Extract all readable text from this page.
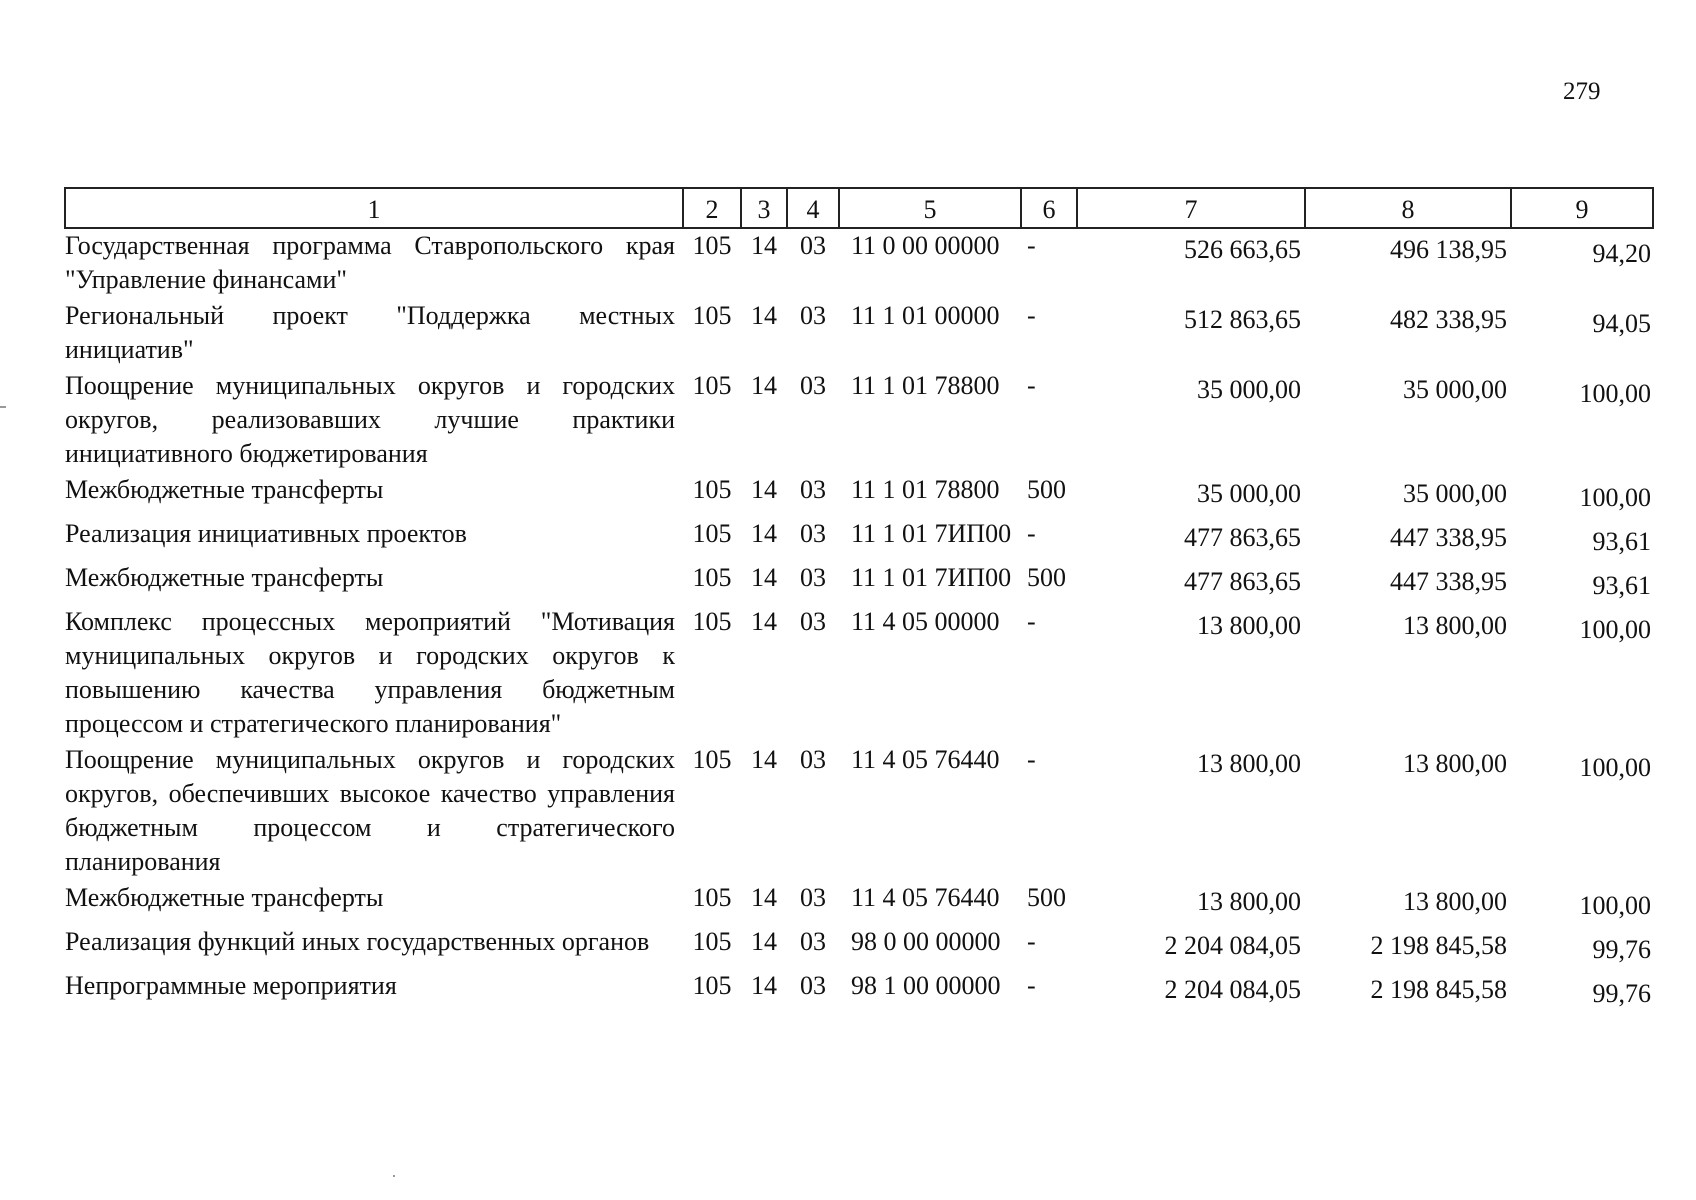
279
1	2	3	4	5	6	7	8	9
Государственная программа Ставропольского края "Управление финансами"	105	14	03	11 0 00 00000	-	526 663,65	496 138,95	94,20
Региональный проект "Поддержка местных инициатив"	105	14	03	11 1 01 00000	-	512 863,65	482 338,95	94,05
Поощрение муниципальных округов и городских округов, реализовавших лучшие практики инициативного бюджетирования	105	14	03	11 1 01 78800	-	35 000,00	35 000,00	100,00
Межбюджетные трансферты	105	14	03	11 1 01 78800	500	35 000,00	35 000,00	100,00
Реализация инициативных проектов	105	14	03	11 1 01 7ИП00	-	477 863,65	447 338,95	93,61
Межбюджетные трансферты	105	14	03	11 1 01 7ИП00	500	477 863,65	447 338,95	93,61
Комплекс процессных мероприятий "Мотивация муниципальных округов и городских округов к повышению качества управления бюджетным процессом и стратегического планирования"	105	14	03	11 4 05 00000	-	13 800,00	13 800,00	100,00
Поощрение муниципальных округов и городских округов, обеспечивших высокое качество управления бюджетным процессом и стратегического планирования	105	14	03	11 4 05 76440	-	13 800,00	13 800,00	100,00
Межбюджетные трансферты	105	14	03	11 4 05 76440	500	13 800,00	13 800,00	100,00
Реализация функций иных государственных органов	105	14	03	98 0 00 00000	-	2 204 084,05	2 198 845,58	99,76
Непрограммные мероприятия	105	14	03	98 1 00 00000	-	2 204 084,05	2 198 845,58	99,76
